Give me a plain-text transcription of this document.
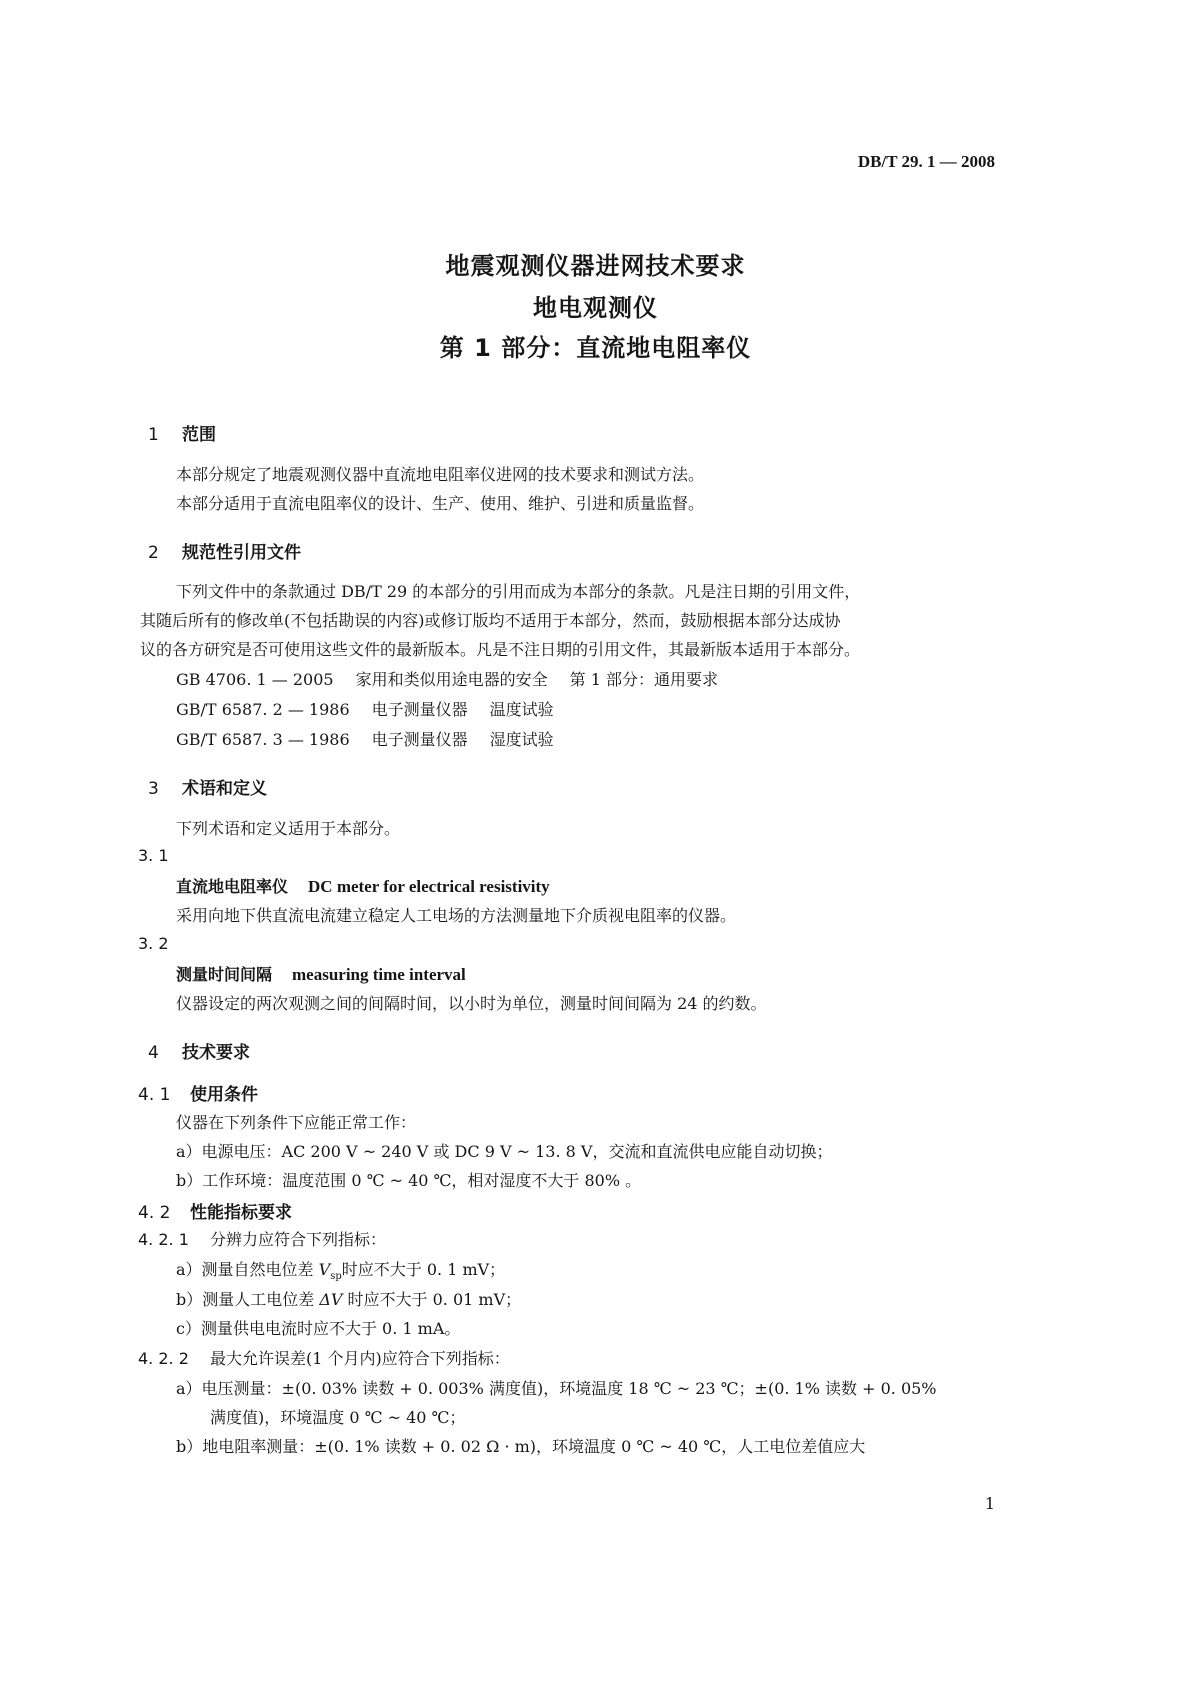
DB/T 29. 1 — 2008
地震观测仪器进网技术要求
地电观测仪
第 1 部分：直流地电阻率仪
1 范围
本部分规定了地震观测仪器中直流地电阻率仪进网的技术要求和测试方法。
本部分适用于直流电阻率仪的设计、生产、使用、维护、引进和质量监督。
2 规范性引用文件
下列文件中的条款通过 DB/T 29 的本部分的引用而成为本部分的条款。凡是注日期的引用文件，
其随后所有的修改单(不包括勘误的内容)或修订版均不适用于本部分，然而，鼓励根据本部分达成协
议的各方研究是否可使用这些文件的最新版本。凡是不注日期的引用文件，其最新版本适用于本部分。
GB 4706. 1 — 2005 家用和类似用途电器的安全 第 1 部分：通用要求
GB/T 6587. 2 — 1986 电子测量仪器 温度试验
GB/T 6587. 3 — 1986 电子测量仪器 湿度试验
3 术语和定义
下列术语和定义适用于本部分。
3. 1
直流地电阻率仪 DC meter for electrical resistivity
采用向地下供直流电流建立稳定人工电场的方法测量地下介质视电阻率的仪器。
3. 2
测量时间间隔 measuring time interval
仪器设定的两次观测之间的间隔时间，以小时为单位，测量时间间隔为 24 的约数。
4 技术要求
4. 1 使用条件
仪器在下列条件下应能正常工作：
a）电源电压：AC 200 V ~ 240 V 或 DC 9 V ~ 13. 8 V，交流和直流供电应能自动切换；
b）工作环境：温度范围 0 ℃ ~ 40 ℃，相对湿度不大于 80% 。
4. 2 性能指标要求
4. 2. 1 分辨力应符合下列指标：
a）测量自然电位差 $V_{sp}$时应不大于 0. 1 mV；
b）测量人工电位差 ΔV 时应不大于 0. 01 mV；
c）测量供电电流时应不大于 0. 1 mA。
4. 2. 2 最大允许误差(1 个月内)应符合下列指标：
a）电压测量：±(0. 03% 读数 + 0. 003% 满度值)，环境温度 18 ℃ ~ 23 ℃；±(0. 1% 读数 + 0. 05%
满度值)，环境温度 0 ℃ ~ 40 ℃；
b）地电阻率测量：±(0. 1% 读数 + 0. 02 Ω · m)，环境温度 0 ℃ ~ 40 ℃，人工电位差值应大
1
